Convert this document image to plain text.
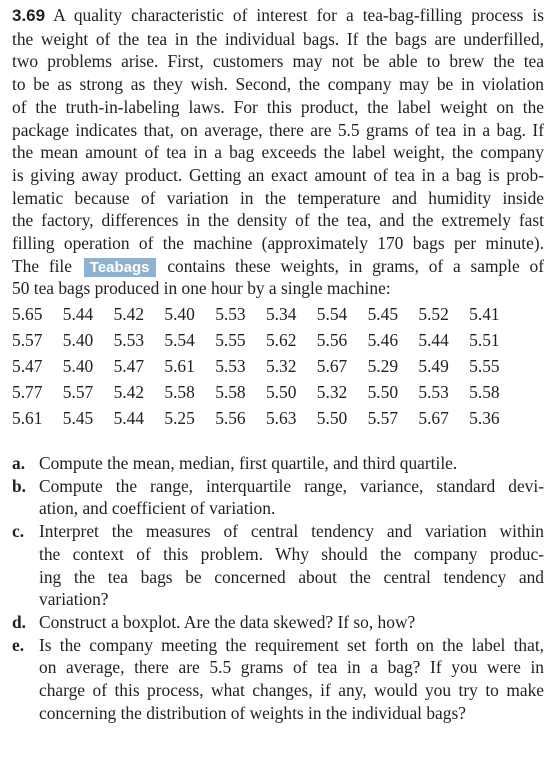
3.69 A quality characteristic of interest for a tea-bag-filling process is
the weight of the tea in the individual bags. If the bags are underfilled,
two problems arise. First, customers may not be able to brew the tea
to be as strong as they wish. Second, the company may be in violation
of the truth-in-labeling laws. For this product, the label weight on the
package indicates that, on average, there are 5.5 grams of tea in a bag. If
the mean amount of tea in a bag exceeds the label weight, the company
is giving away product. Getting an exact amount of tea in a bag is prob-
lematic because of variation in the temperature and humidity inside
the factory, differences in the density of the tea, and the extremely fast
filling operation of the machine (approximately 170 bags per minute).
The file Teabags contains these weights, in grams, of a sample of
50 tea bags produced in one hour by a single machine:

5.65	5.44	5.42	5.40	5.53	5.34	5.54	5.45	5.52	5.41
5.57	5.40	5.53	5.54	5.55	5.62	5.56	5.46	5.44	5.51
5.47	5.40	5.47	5.61	5.53	5.32	5.67	5.29	5.49	5.55
5.77	5.57	5.42	5.58	5.58	5.50	5.32	5.50	5.53	5.58
5.61	5.45	5.44	5.25	5.56	5.63	5.50	5.57	5.67	5.36
a. Compute the mean, median, first quartile, and third quartile.
b. Compute the range, interquartile range, variance, standard devi-
ation, and coefficient of variation.
c. Interpret the measures of central tendency and variation within
the context of this problem. Why should the company produc-
ing the tea bags be concerned about the central tendency and
variation?
d. Construct a boxplot. Are the data skewed? If so, how?
e. Is the company meeting the requirement set forth on the label that,
on average, there are 5.5 grams of tea in a bag? If you were in
charge of this process, what changes, if any, would you try to make
concerning the distribution of weights in the individual bags?
